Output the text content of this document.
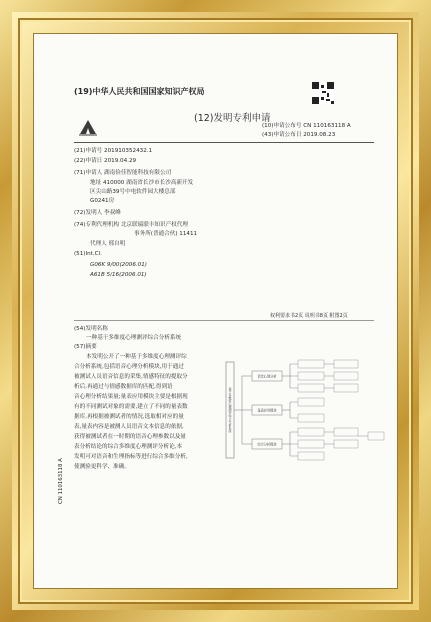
(19)中华人民共和国国家知识产权局
(12)发明专利申请
(10)申请公布号 CN 110163118 A
(43)申请公布日 2019.08.23
(21)申请号 201910352432.1
(22)申请日 2019.04.29
(71)申请人 湖南俭佳智能科技有限公司
地址 410000 湖南省长沙市长沙高新开发
区尖山路39号中电软件园大楼总部
G0241房
(72)发明人 李叔峰
(74)专利代理机构 北京联瑞联丰知识产权代理
事务所(普通合伙) 11411
代理人 邢自明
(51)Int.Cl.
G06K 9/00(2006.01)
A61B 5/16(2006.01)
权利要求书2页 说明书8页 附图2页
(54)发明名称
一种基于多维度心理测评综合分析系统
(57)摘要
本发明公开了一种基于多维度心理测评综
合分析系统,包括语音心理分析模块,用于通过
被测试人员语音信息的采集,情感特征的提取分
析后,再通过与情感数据库的匹配,得到语
音心理分析结果量;量表应用模块主要是根据现
有的不同测试对象的需要,建立了不同的量表数
据库,再根据被测试者的情况,选取相对应的量
表,量表内容是被测人员语音文本信息的依据,
获得被测试者在一时期的语音心理参数以及量
表分析结论的综合多维度心理测评分析论,本
发明可对语音和生理指标等进行综合多维分析,
使测验更科学、准确。
基于多维度心理测评综合分析系统
语音心理分析
量表应用模块
综合分析模块
CN 110163118 A
